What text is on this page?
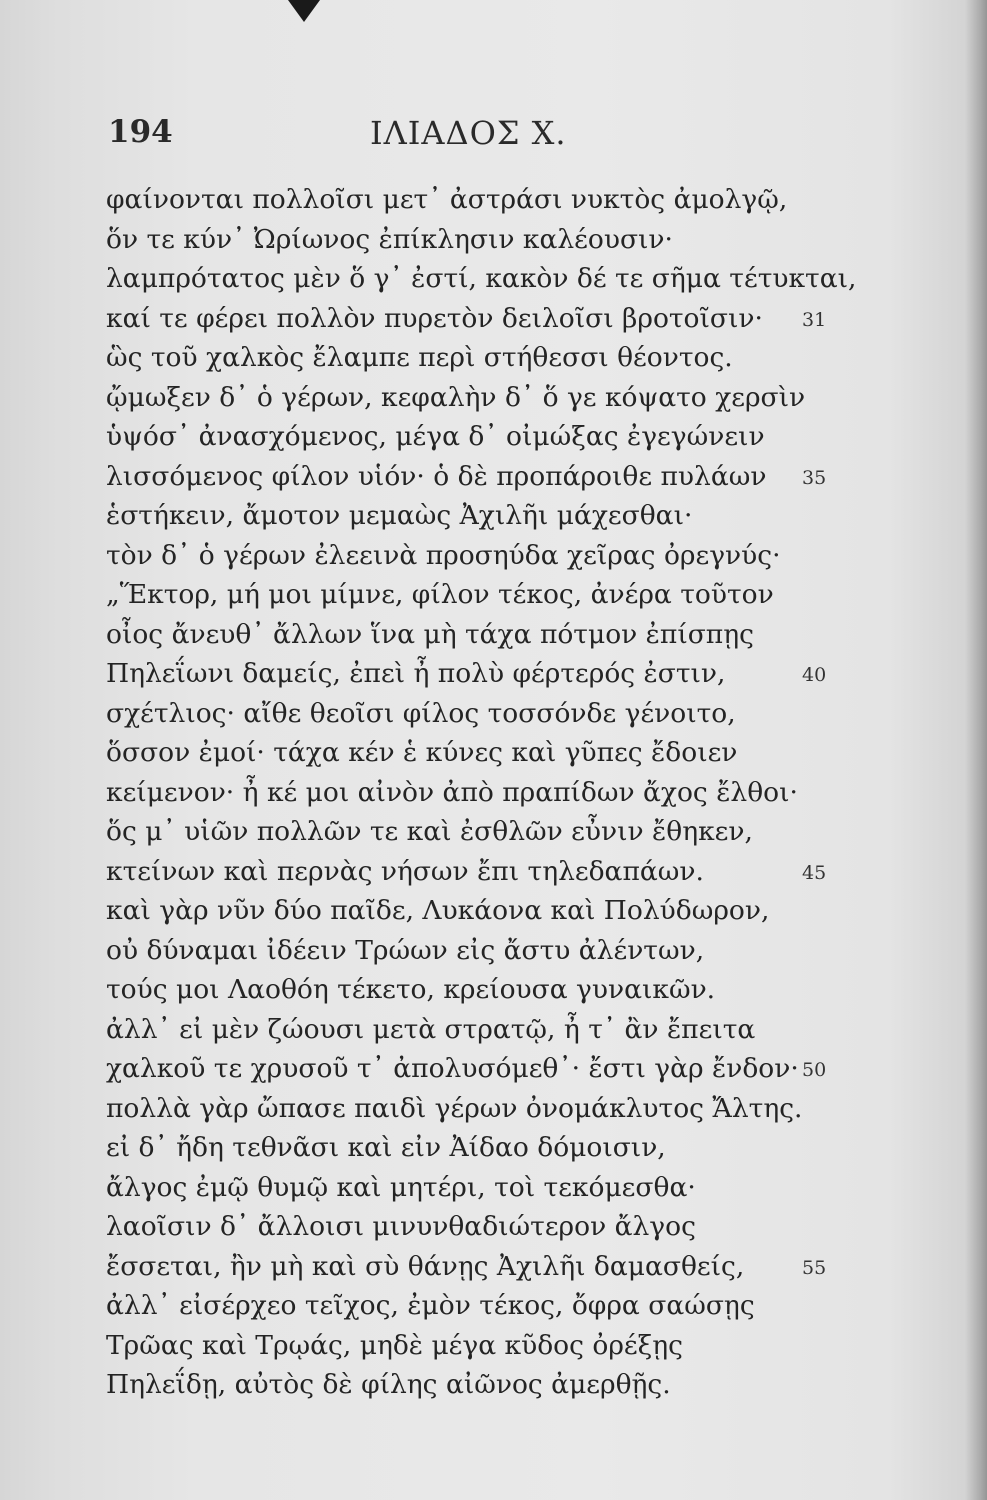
194	ΙΛΙΑΔΟΣ Χ.
φαίνονται πολλοῖσι μετ᾽ ἀστράσι νυκτὸς ἀμολγῷ,
ὅν τε κύν᾽ Ὠρίωνος ἐπίκλησιν καλέουσιν·
λαμπρότατος μὲν ὅ γ᾽ ἐστί, κακὸν δέ τε σῆμα τέτυκται,
καί τε φέρει πολλὸν πυρετὸν δειλοῖσι βροτοῖσιν· 31
ὣς τοῦ χαλκὸς ἔλαμπε περὶ στήθεσσι θέοντος.
ᾤμωξεν δ᾽ ὁ γέρων, κεφαλὴν δ᾽ ὅ γε κόψατο χερσὶν
ὑψόσ᾽ ἀνασχόμενος, μέγα δ᾽ οἰμώξας ἐγεγώνειν
λισσόμενος φίλον υἱόν· ὁ δὲ προπάροιθε πυλάων 35
ἑστήκειν, ἄμοτον μεμαὼς Ἀχιλῆι μάχεσθαι·
τὸν δ᾽ ὁ γέρων ἐλεεινὰ προσηύδα χεῖρας ὀρεγνύς·
„Ἕκτορ, μή μοι μίμνε, φίλον τέκος, ἀνέρα τοῦτον
οἶος ἄνευθ᾽ ἄλλων ἵνα μὴ τάχα πότμον ἐπίσπῃς
Πηλεΐωνι δαμείς, ἐπεὶ ἦ πολὺ φέρτερός ἐστιν,	40
σχέτλιος· αἴθε θεοῖσι φίλος τοσσόνδε γένοιτο,
ὅσσον ἐμοί· τάχα κέν ἑ κύνες καὶ γῦπες ἔδοιεν
κείμενον· ἦ κέ μοι αἰνὸν ἀπὸ πραπίδων ἄχος ἔλθοι·
ὅς μ᾽ υἱῶν πολλῶν τε καὶ ἐσθλῶν εὖνιν ἔθηκεν,
κτείνων καὶ περνὰς νήσων ἔπι τηλεδαπάων.	45
καὶ γὰρ νῦν δύο παῖδε, Λυκάονα καὶ Πολύδωρον,
οὐ δύναμαι ἰδέειν Τρώων εἰς ἄστυ ἀλέντων,
τούς μοι Λαοθόη τέκετο, κρείουσα γυναικῶν.
ἀλλ᾽ εἰ μὲν ζώουσι μετὰ στρατῷ, ἦ τ᾽ ἂν ἔπειτα
χαλκοῦ τε χρυσοῦ τ᾽ ἀπολυσόμεθ᾽· ἔστι γὰρ ἔνδον· 50
πολλὰ γὰρ ὤπασε παιδὶ γέρων ὀνομάκλυτος Ἄλτης.
εἰ δ᾽ ἤδη τεθνᾶσι καὶ εἰν Ἀίδαο δόμοισιν,
ἄλγος ἐμῷ θυμῷ καὶ μητέρι, τοὶ τεκόμεσθα·
λαοῖσιν δ᾽ ἄλλοισι μινυνθαδιώτερον ἄλγος
ἔσσεται, ἢν μὴ καὶ σὺ θάνῃς Ἀχιλῆι δαμασθείς,	55
ἀλλ᾽ εἰσέρχεο τεῖχος, ἐμὸν τέκος, ὄφρα σαώσῃς
Τρῶας καὶ Τρῳάς, μηδὲ μέγα κῦδος ὀρέξῃς
Πηλεΐδῃ, αὐτὸς δὲ φίλης αἰῶνος ἀμερθῇς.
